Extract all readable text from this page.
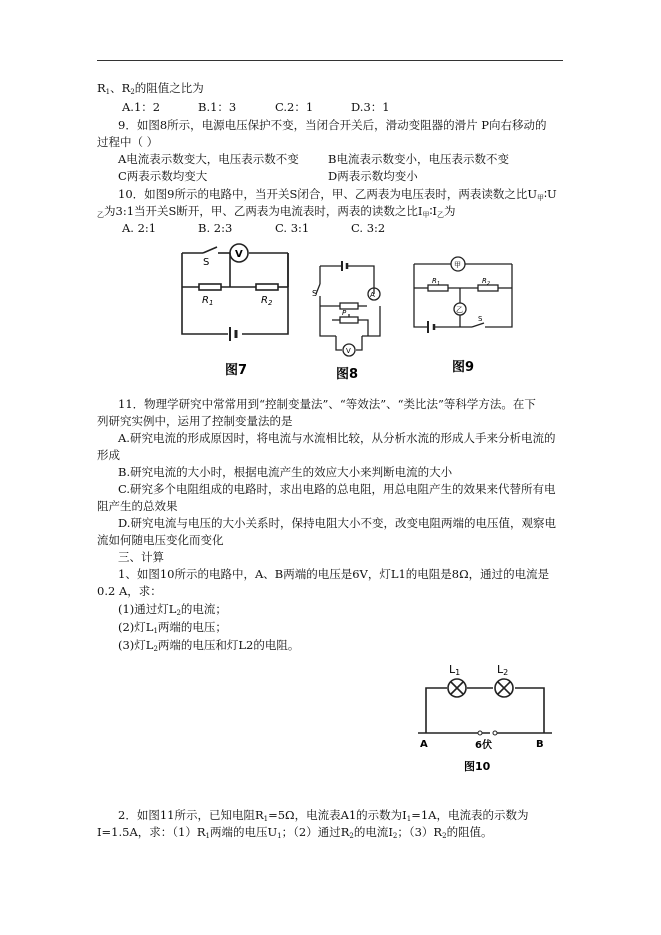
$R_1$、$R_2$的阻值之比为
A.1：2	B.1：3	C.2：1	D.3：1
9．如图8所示，电源电压保护不变，当闭合开关后，滑动变阻器的滑片 P向右移动的
过程中（ ）
A电流表示数变大，电压表示数不变	B电流表示数变小，电压表示数不变
C两表示数均变大	D两表示数均变小
10．如图9所示的电路中，当开关S闭合，甲、乙两表为电压表时，两表读数之比$U_甲∶U$
$_乙$为3:1当开关S断开，甲、乙两表为电流表时，两表的读数之比$I_甲∶I_乙$为
A. 2:1	B. 2:3	C. 3:1	C. 3:2
S
V
$R_1$	$R_2$
图7
S	A
V
P
图8
甲
乙
$R_1$	$R_2$
S
图9
11．物理学研究中常常用到“控制变量法”、“等效法”、“类比法”等科学方法。在下
列研究实例中，运用了控制变量法的是
A.研究电流的形成原因时，将电流与水流相比较，从分析水流的形成人手来分析电流的
形成
B.研究电流的大小时，根据电流产生的效应大小来判断电流的大小
C.研究多个电阻组成的电路时，求出电路的总电阻，用总电阻产生的效果来代替所有电
阻产生的总效果
D.研究电流与电压的大小关系时，保持电阻大小不变，改变电阻两端的电压值，观察电
流如何随电压变化而变化
三、计算
1、如图10所示的电路中，A、B两端的电压是6V，灯L1的电阻是8Ω，通过的电流是
0.2 A，求：
(1)通过灯$L_2$的电流；
(2)灯$L_1$两端的电压；
(3)灯$L_2$两端的电压和灯L2的电阻。
L1	L2
A	B
6伏
图10
2．如图11所示，已知电阻$R_1=5\Omega$，电流表A1的示数为$I_1=1A$，电流表的示数为
I=1.5A，求：$(1)R_1$两端的电压$U_1$；（2）通过$R_2$的电流$I_2$；$(3)R_2$的阻值。
